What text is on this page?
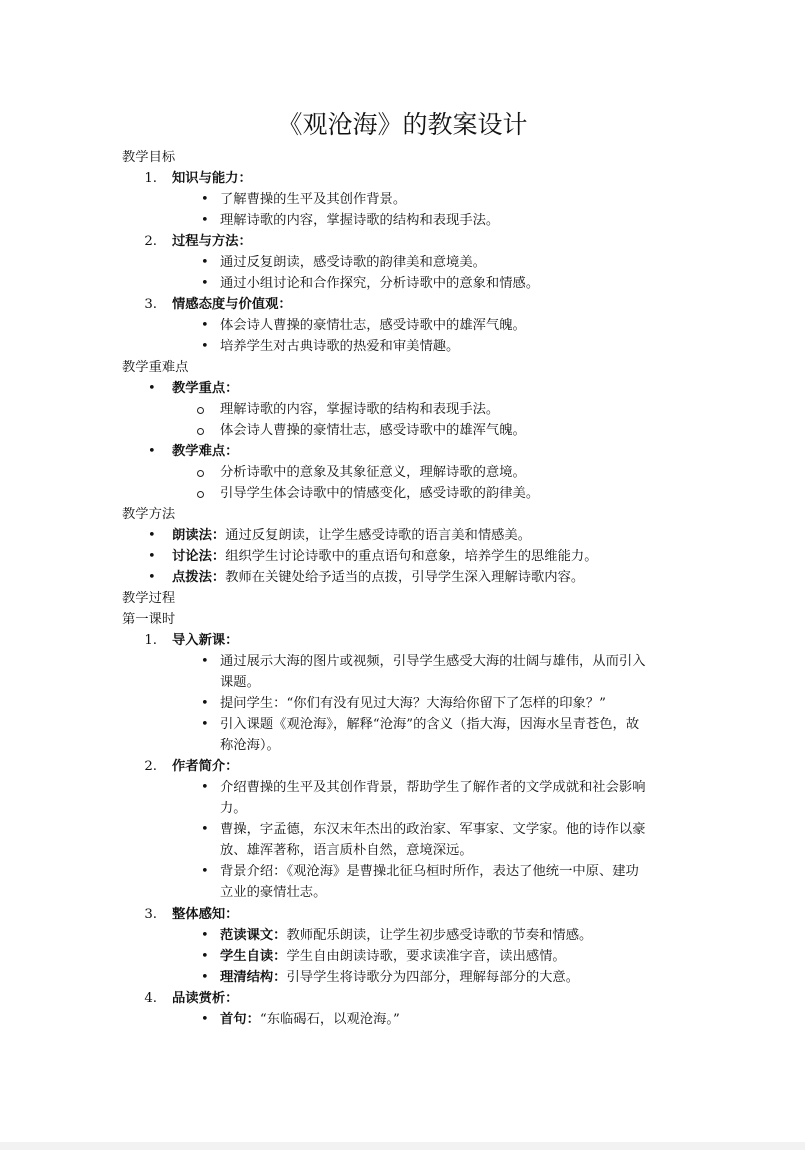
《观沧海》的教案设计
教学目标
1. 知识与能力：
• 了解曹操的生平及其创作背景。
• 理解诗歌的内容，掌握诗歌的结构和表现手法。
2. 过程与方法：
• 通过反复朗读，感受诗歌的韵律美和意境美。
• 通过小组讨论和合作探究，分析诗歌中的意象和情感。
3. 情感态度与价值观：
• 体会诗人曹操的豪情壮志，感受诗歌中的雄浑气魄。
• 培养学生对古典诗歌的热爱和审美情趣。
教学重难点
• 教学重点：
理解诗歌的内容，掌握诗歌的结构和表现手法。
体会诗人曹操的豪情壮志，感受诗歌中的雄浑气魄。
• 教学难点：
分析诗歌中的意象及其象征意义，理解诗歌的意境。
引导学生体会诗歌中的情感变化，感受诗歌的韵律美。
教学方法
• 朗读法：通过反复朗读，让学生感受诗歌的语言美和情感美。
• 讨论法：组织学生讨论诗歌中的重点语句和意象，培养学生的思维能力。
• 点拨法：教师在关键处给予适当的点拨，引导学生深入理解诗歌内容。
教学过程
第一课时
1. 导入新课：
• 通过展示大海的图片或视频，引导学生感受大海的壮阔与雄伟，从而引入
课题。
• 提问学生：“你们有没有见过大海？大海给你留下了怎样的印象？”
• 引入课题《观沧海》，解释“沧海”的含义（指大海，因海水呈青苍色，故
称沧海）。
2. 作者简介：
• 介绍曹操的生平及其创作背景，帮助学生了解作者的文学成就和社会影响
力。
• 曹操，字孟德，东汉末年杰出的政治家、军事家、文学家。他的诗作以豪
放、雄浑著称，语言质朴自然，意境深远。
• 背景介绍：《观沧海》是曹操北征乌桓时所作，表达了他统一中原、建功
立业的豪情壮志。
3. 整体感知：
• 范读课文：教师配乐朗读，让学生初步感受诗歌的节奏和情感。
• 学生自读：学生自由朗读诗歌，要求读准字音，读出感情。
• 理清结构：引导学生将诗歌分为四部分，理解每部分的大意。
4. 品读赏析：
• 首句：“东临碣石，以观沧海。”
